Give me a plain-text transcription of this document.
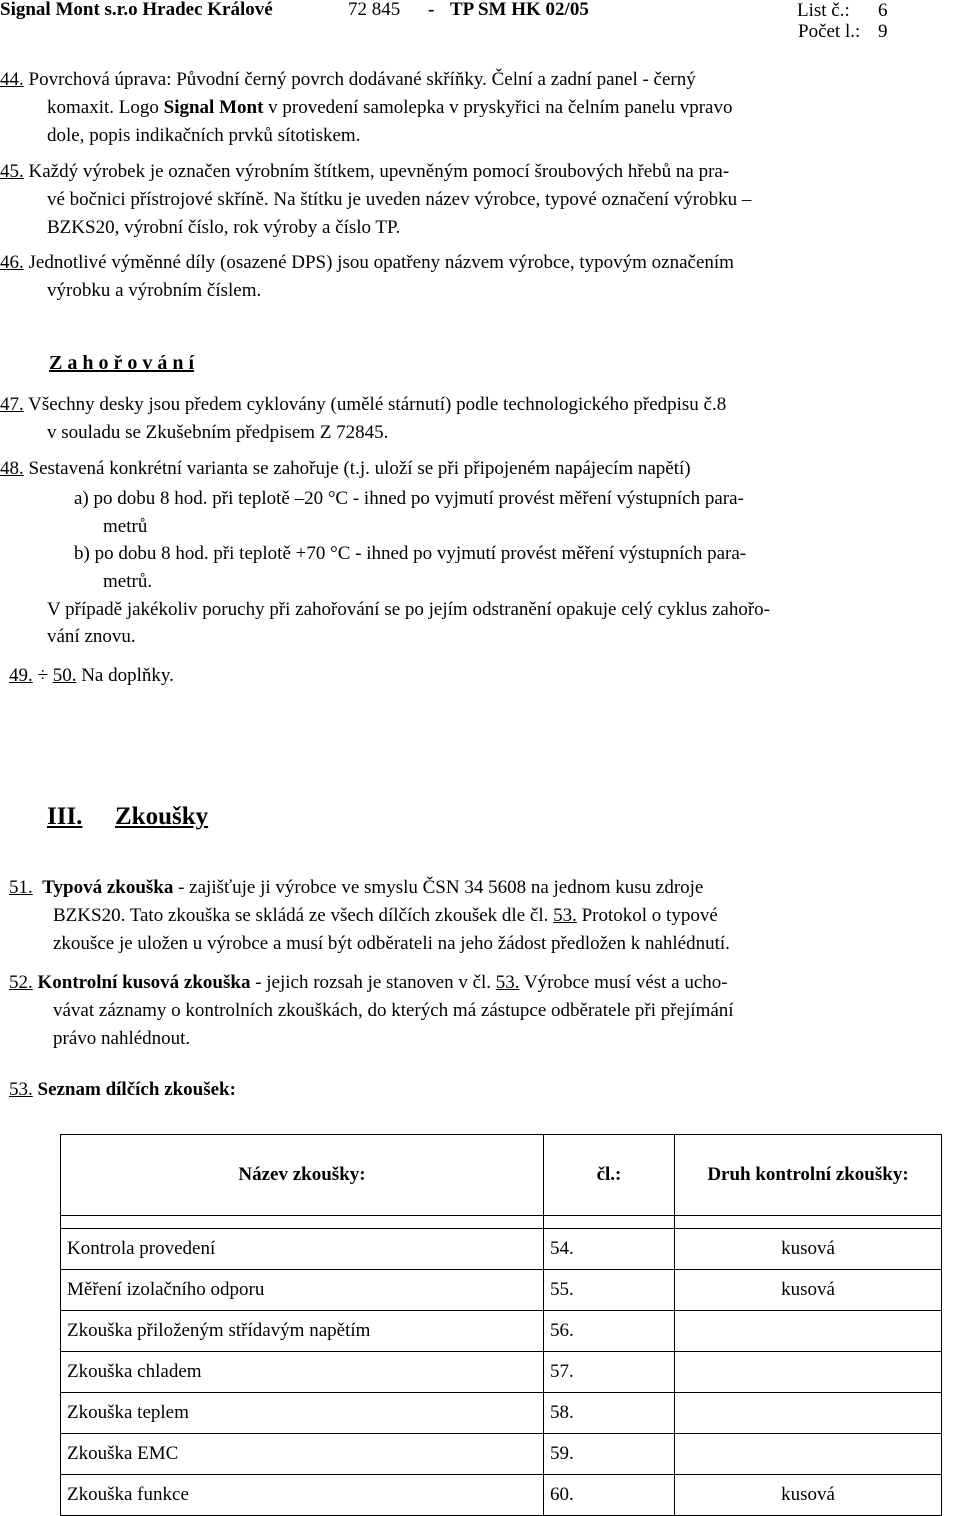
Signal Mont s.r.o Hradec Králové	72 845 - TP SM HK 02/05	List č.: 6
Počet l.: 9

44. Povrchová úprava: Původní černý povrch dodávané skříňky. Čelní a zadní panel - černý

komaxit. Logo Signal Mont v provedení samolepka v pryskyřici na čelním panelu vpravo

dole, popis indikačních prvků sítotiskem.

45. Každý výrobek je označen výrobním štítkem, upevněným pomocí šroubových hřebů na pra-

vé bočnici přístrojové skříně. Na štítku je uveden název výrobce, typové označení výrobku –

BZKS20, výrobní číslo, rok výroby a číslo TP.

46. Jednotlivé výměnné díly (osazené DPS) jsou opatřeny názvem výrobce, typovým označením

výrobku a výrobním číslem.

Z a h o ř o v á n í

47. Všechny desky jsou předem cyklovány (umělé stárnutí) podle technologického předpisu č.8

v souladu se Zkušebním předpisem Z 72845.

48. Sestavená konkrétní varianta se zahořuje (t.j. uloží se při připojeném napájecím napětí)

a) po dobu 8 hod. při teplotě –20 °C - ihned po vyjmutí provést měření výstupních para-

metrů

b) po dobu 8 hod. při teplotě +70 °C - ihned po vyjmutí provést měření výstupních para-

metrů.

V případě jakékoliv poruchy při zahořování se po jejím odstranění opakuje celý cyklus zahořo-

vání znovu.

49. ÷ 50. Na doplňky.

III. Zkoušky

51. Typová zkouška - zajišťuje ji výrobce ve smyslu ČSN 34 5608 na jednom kusu zdroje

BZKS20. Tato zkouška se skládá ze všech dílčích zkoušek dle čl. 53. Protokol o typové

zkoušce je uložen u výrobce a musí být odběrateli na jeho žádost předložen k nahlédnutí.

52. Kontrolní kusová zkouška - jejich rozsah je stanoven v čl. 53. Výrobce musí vést a ucho-

vávat záznamy o kontrolních zkouškách, do kterých má zástupce odběratele při přejímání

právo nahlédnout.

53. Seznam dílčích zkoušek:

Název zkoušky:	čl.:	Druh kontrolní zkoušky:

Kontrola provedení	54.	kusová
Měření izolačního odporu	55.	kusová
Zkouška přiloženým střídavým napětím	56.	
Zkouška chladem	57.	
Zkouška teplem	58.	
Zkouška EMC	59.	
Zkouška funkce	60.	kusová
